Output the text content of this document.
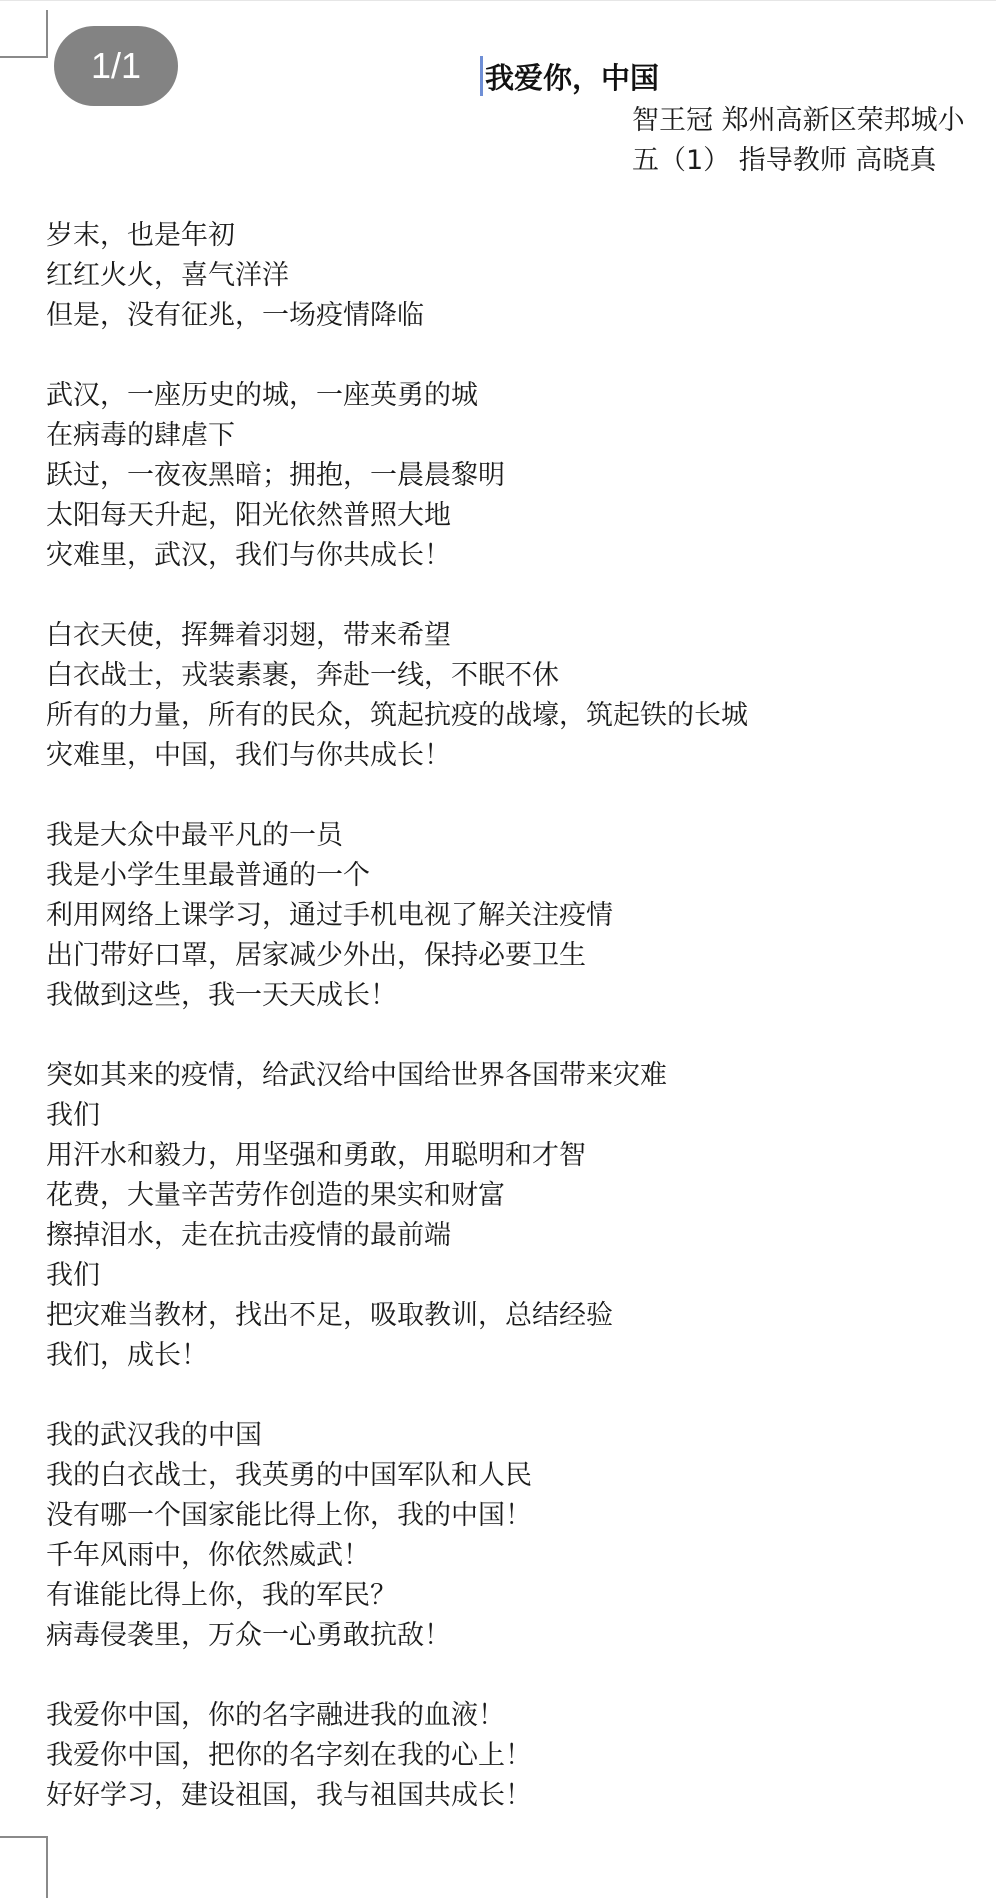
1/1	我爱你，中国
智王冠 郑州高新区荣邦城小
五（1） 指导教师 高晓真
岁末，也是年初
红红火火，喜气洋洋
但是，没有征兆，一场疫情降临
武汉，一座历史的城，一座英勇的城
在病毒的肆虐下
跃过，一夜夜黑暗；拥抱，一晨晨黎明
太阳每天升起，阳光依然普照大地
灾难里，武汉，我们与你共成长！
白衣天使，挥舞着羽翅，带来希望
白衣战士，戎装素裹，奔赴一线，不眠不休
所有的力量，所有的民众，筑起抗疫的战壕，筑起铁的长城
灾难里，中国，我们与你共成长！
我是大众中最平凡的一员
我是小学生里最普通的一个
利用网络上课学习，通过手机电视了解关注疫情
出门带好口罩，居家减少外出，保持必要卫生
我做到这些，我一天天成长！
突如其来的疫情，给武汉给中国给世界各国带来灾难
我们
用汗水和毅力，用坚强和勇敢，用聪明和才智
花费，大量辛苦劳作创造的果实和财富
擦掉泪水，走在抗击疫情的最前端
我们
把灾难当教材，找出不足，吸取教训，总结经验
我们，成长！
我的武汉我的中国
我的白衣战士，我英勇的中国军队和人民
没有哪一个国家能比得上你，我的中国！
千年风雨中，你依然威武！
有谁能比得上你，我的军民？
病毒侵袭里，万众一心勇敢抗敌！
我爱你中国，你的名字融进我的血液！
我爱你中国，把你的名字刻在我的心上！
好好学习，建设祖国，我与祖国共成长！
